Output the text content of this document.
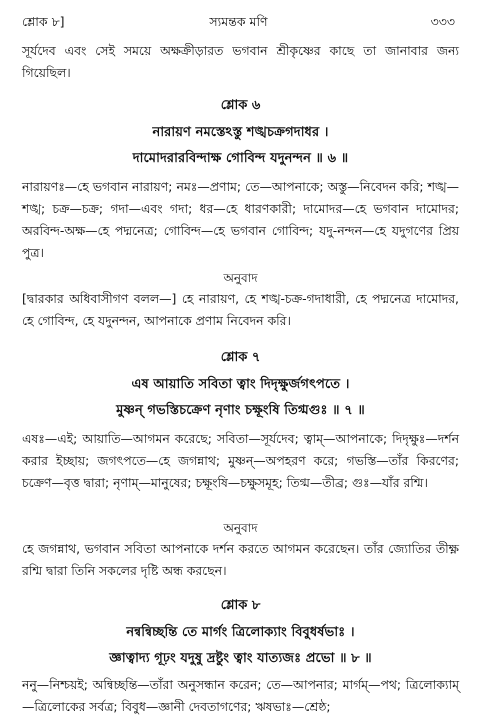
শ্লোক ৮]	স্যমন্তক মণি	৩৩৩

সূর্যদেব এবং সেই সময়ে অক্ষক্রীড়ারত ভগবান শ্রীকৃষ্ণের কাছে তা জানাবার জন্য গিয়েছিল।

শ্লোক ৬
নারায়ণ নমস্তেঽস্তু শঙ্খচক্রগদাধর ।
দামোদরারবিন্দাক্ষ গোবিন্দ যদুনন্দন ॥ ৬ ॥

নারায়ণঃ—হে ভগবান নারায়ণ; নমঃ—প্রণাম; তে—আপনাকে; অস্তু—নিবেদন করি; শঙ্খ—শঙ্খ; চক্র—চক্র; গদা—এবং গদা; ধর—হে ধারণকারী; দামোদর—হে ভগবান দামোদর; অরবিন্দ-অক্ষ—হে পদ্মনেত্র; গোবিন্দ—হে ভগবান গোবিন্দ; যদু-নন্দন—হে যদুগণের প্রিয় পুত্র।

অনুবাদ

[দ্বারকার অধিবাসীগণ বলল—] হে নারায়ণ, হে শঙ্খ-চক্র-গদাধারী, হে পদ্মনেত্র দামোদর, হে গোবিন্দ, হে যদুনন্দন, আপনাকে প্রণাম নিবেদন করি।

শ্লোক ৭
এষ আয়াতি সবিতা ত্বাং দিদৃক্ষুর্জগৎপতে ।
মুষ্ণন্ গভস্তিচক্রেণ নৃণাং চক্ষূংষি তিগ্মগুঃ ॥ ৭ ॥

এষঃ—এই; আয়াতি—আগমন করেছে; সবিতা—সূর্যদেব; ত্বাম্—আপনাকে; দিদৃক্ষুঃ—দর্শন করার ইচ্ছায়; জগৎপতে—হে জগন্নাথ; মুষ্ণন্—অপহরণ করে; গভস্তি—তাঁর কিরণের; চক্রেণ—বৃত্ত দ্বারা; নৃণাম্—মানুষের; চক্ষূংষি—চক্ষুসমূহ; তিগ্ম—তীব্র; গুঃ—যাঁর রশ্মি।

অনুবাদ

হে জগন্নাথ, ভগবান সবিতা আপনাকে দর্শন করতে আগমন করেছেন। তাঁর জ্যোতির তীক্ষ্ণ রশ্মি দ্বারা তিনি সকলের দৃষ্টি অন্ধ করছেন।

শ্লোক ৮
নন্বন্বিচ্ছন্তি তে মার্গং ত্রিলোক্যাং বিবুধর্ষভাঃ ।
জ্ঞাত্বাদ্য গূঢ়ং যদুষু দ্রষ্টুং ত্বাং যাত্যজঃ প্রভো ॥ ৮ ॥

ননু—নিশ্চয়ই; অন্বিচ্ছন্তি—তাঁরা অনুসন্ধান করেন; তে—আপনার; মার্গম্—পথ; ত্রিলোক্যাম্—ত্রিলোকের সর্বত্র; বিবুধ—জ্ঞানী দেবতাগণের; ঋষভাঃ—শ্রেষ্ঠ;
